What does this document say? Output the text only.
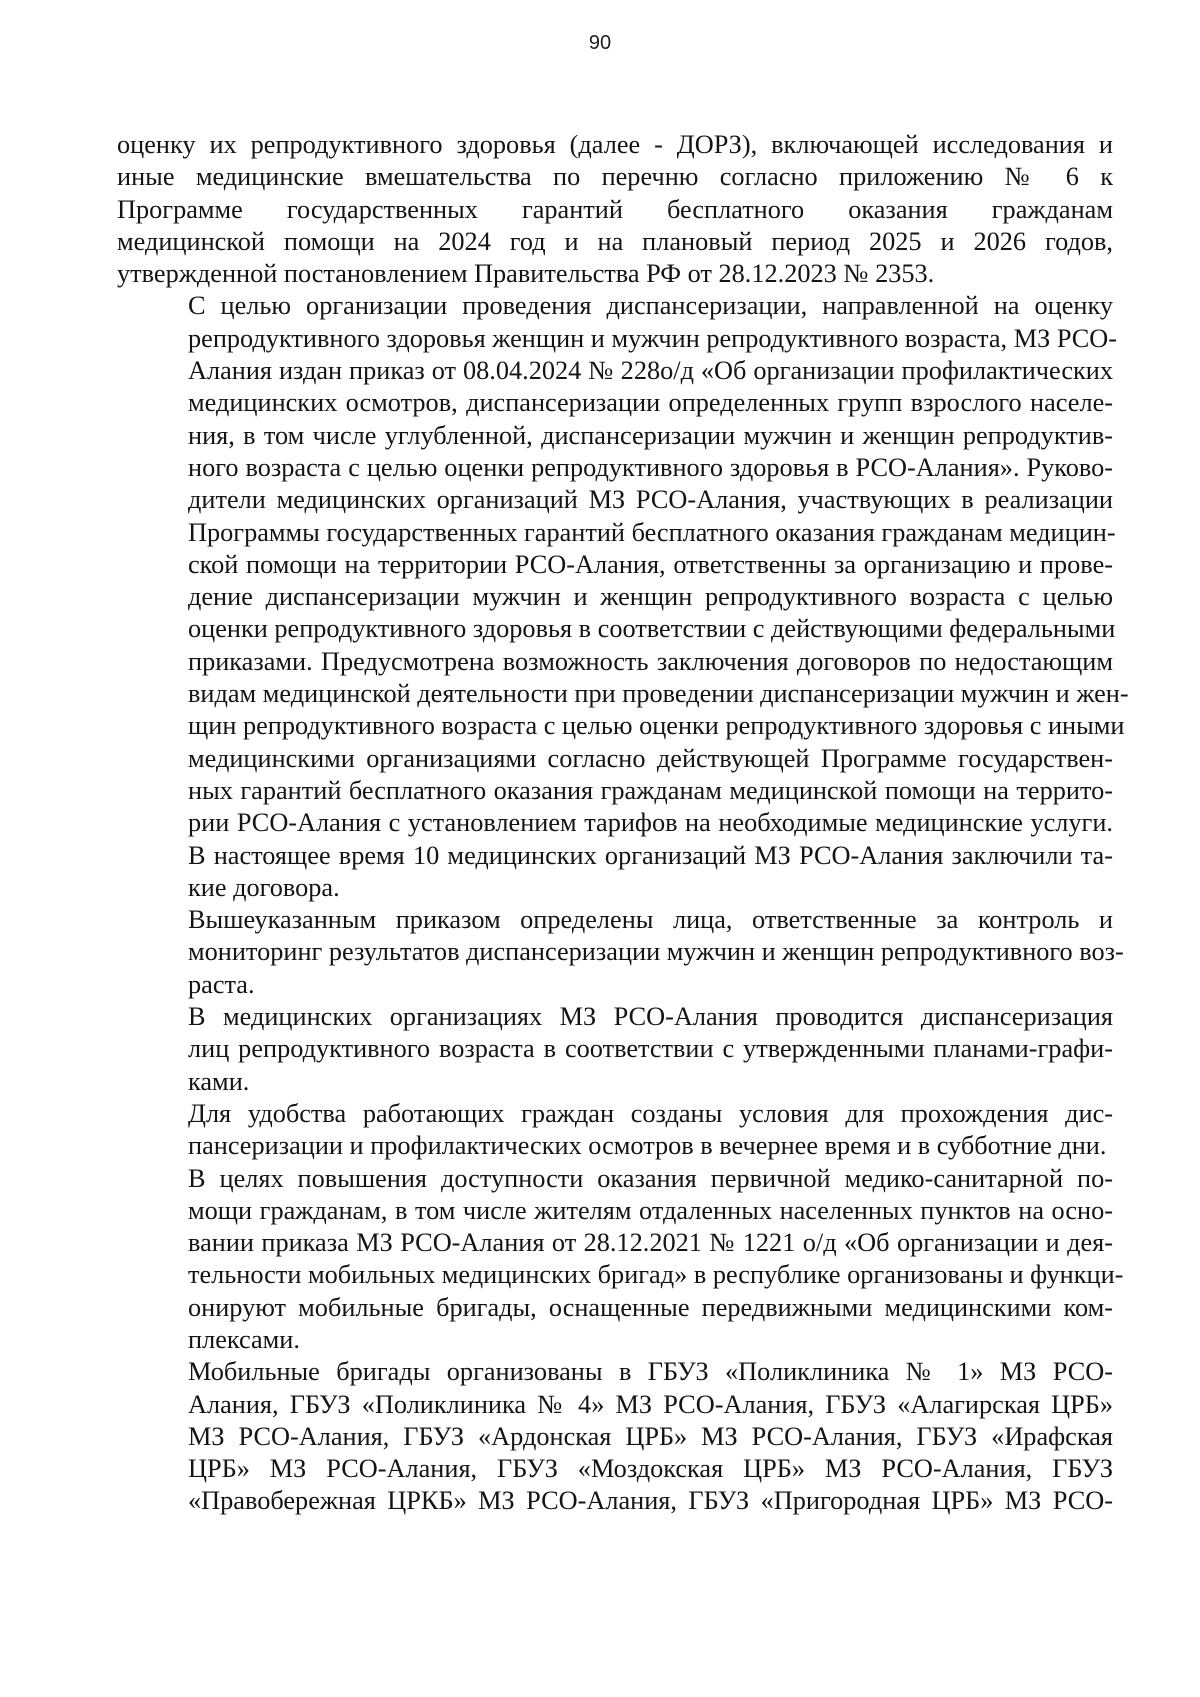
90
оценку их репродуктивного здоровья (далее - ДОРЗ), включающей исследования и
иные медицинские вмешательства по перечню согласно приложению № 6 к
Программе государственных гарантий бесплатного оказания гражданам
медицинской помощи на 2024 год и на плановый период 2025 и 2026 годов,
утвержденной постановлением Правительства РФ от 28.12.2023 № 2353.
С целью организации проведения диспансеризации, направленной на оценку
репродуктивного здоровья женщин и мужчин репродуктивного возраста, МЗ РСО-
Алания издан приказ от 08.04.2024 № 228о/д «Об организации профилактических
медицинских осмотров, диспансеризации определенных групп взрослого населе-
ния, в том числе углубленной, диспансеризации мужчин и женщин репродуктив-
ного возраста с целью оценки репродуктивного здоровья в РСО-Алания». Руково-
дители медицинских организаций МЗ РСО-Алания, участвующих в реализации
Программы государственных гарантий бесплатного оказания гражданам медицин-
ской помощи на территории РСО-Алания, ответственны за организацию и прове-
дение диспансеризации мужчин и женщин репродуктивного возраста с целью
оценки репродуктивного здоровья в соответствии с действующими федеральными
приказами. Предусмотрена возможность заключения договоров по недостающим
видам медицинской деятельности при проведении диспансеризации мужчин и жен-
щин репродуктивного возраста с целью оценки репродуктивного здоровья с иными
медицинскими организациями согласно действующей Программе государствен-
ных гарантий бесплатного оказания гражданам медицинской помощи на террито-
рии РСО-Алания с установлением тарифов на необходимые медицинские услуги.
В настоящее время 10 медицинских организаций МЗ РСО-Алания заключили та-
кие договора.
Вышеуказанным приказом определены лица, ответственные за контроль и
мониторинг результатов диспансеризации мужчин и женщин репродуктивного воз-
раста.
В медицинских организациях МЗ РСО-Алания проводится диспансеризация
лиц репродуктивного возраста в соответствии с утвержденными планами-графи-
ками.
Для удобства работающих граждан созданы условия для прохождения дис-
пансеризации и профилактических осмотров в вечернее время и в субботние дни.
В целях повышения доступности оказания первичной медико-санитарной по-
мощи гражданам, в том числе жителям отдаленных населенных пунктов на осно-
вании приказа МЗ РСО-Алания от 28.12.2021 № 1221 о/д «Об организации и дея-
тельности мобильных медицинских бригад» в республике организованы и функци-
онируют мобильные бригады, оснащенные передвижными медицинскими ком-
плексами.
Мобильные бригады организованы в ГБУЗ «Поликлиника № 1» МЗ РСО-
Алания, ГБУЗ «Поликлиника № 4» МЗ РСО-Алания, ГБУЗ «Алагирская ЦРБ»
МЗ РСО-Алания, ГБУЗ «Ардонская ЦРБ» МЗ РСО-Алания, ГБУЗ «Ирафская
ЦРБ» МЗ РСО-Алания, ГБУЗ «Моздокская ЦРБ» МЗ РСО-Алания, ГБУЗ
«Правобережная ЦРКБ» МЗ РСО-Алания, ГБУЗ «Пригородная ЦРБ» МЗ РСО-
